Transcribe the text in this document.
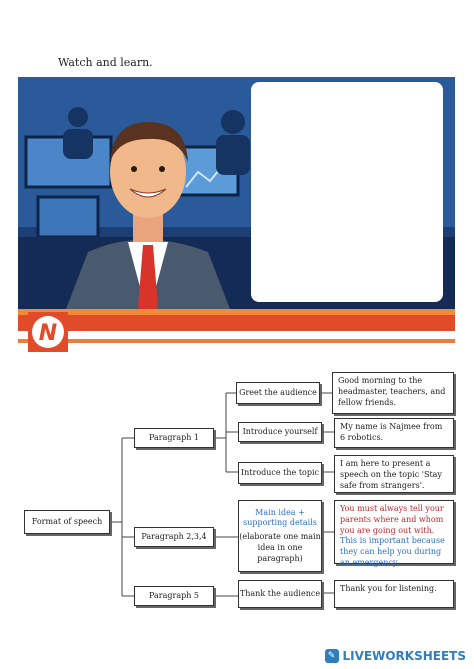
Watch and learn.
N
Format of speech
Paragraph 1
Paragraph 2,3,4
Paragraph 5
Greet the audience
Introduce yourself
Introduce the topic
Main idea + supporting details
(elaborate one main idea in one paragraph)
Thank the audience
Good morning to the headmaster, teachers, and fellow friends.
My name is Najmee from 6 robotics.
I am here to present a speech on the topic 'Stay safe from strangers'.
You must always tell your parents where and whom you are going out with. This is important because they can help you during an emergency.
Thank you for listening.
✎ LIVEWORKSHEETS
